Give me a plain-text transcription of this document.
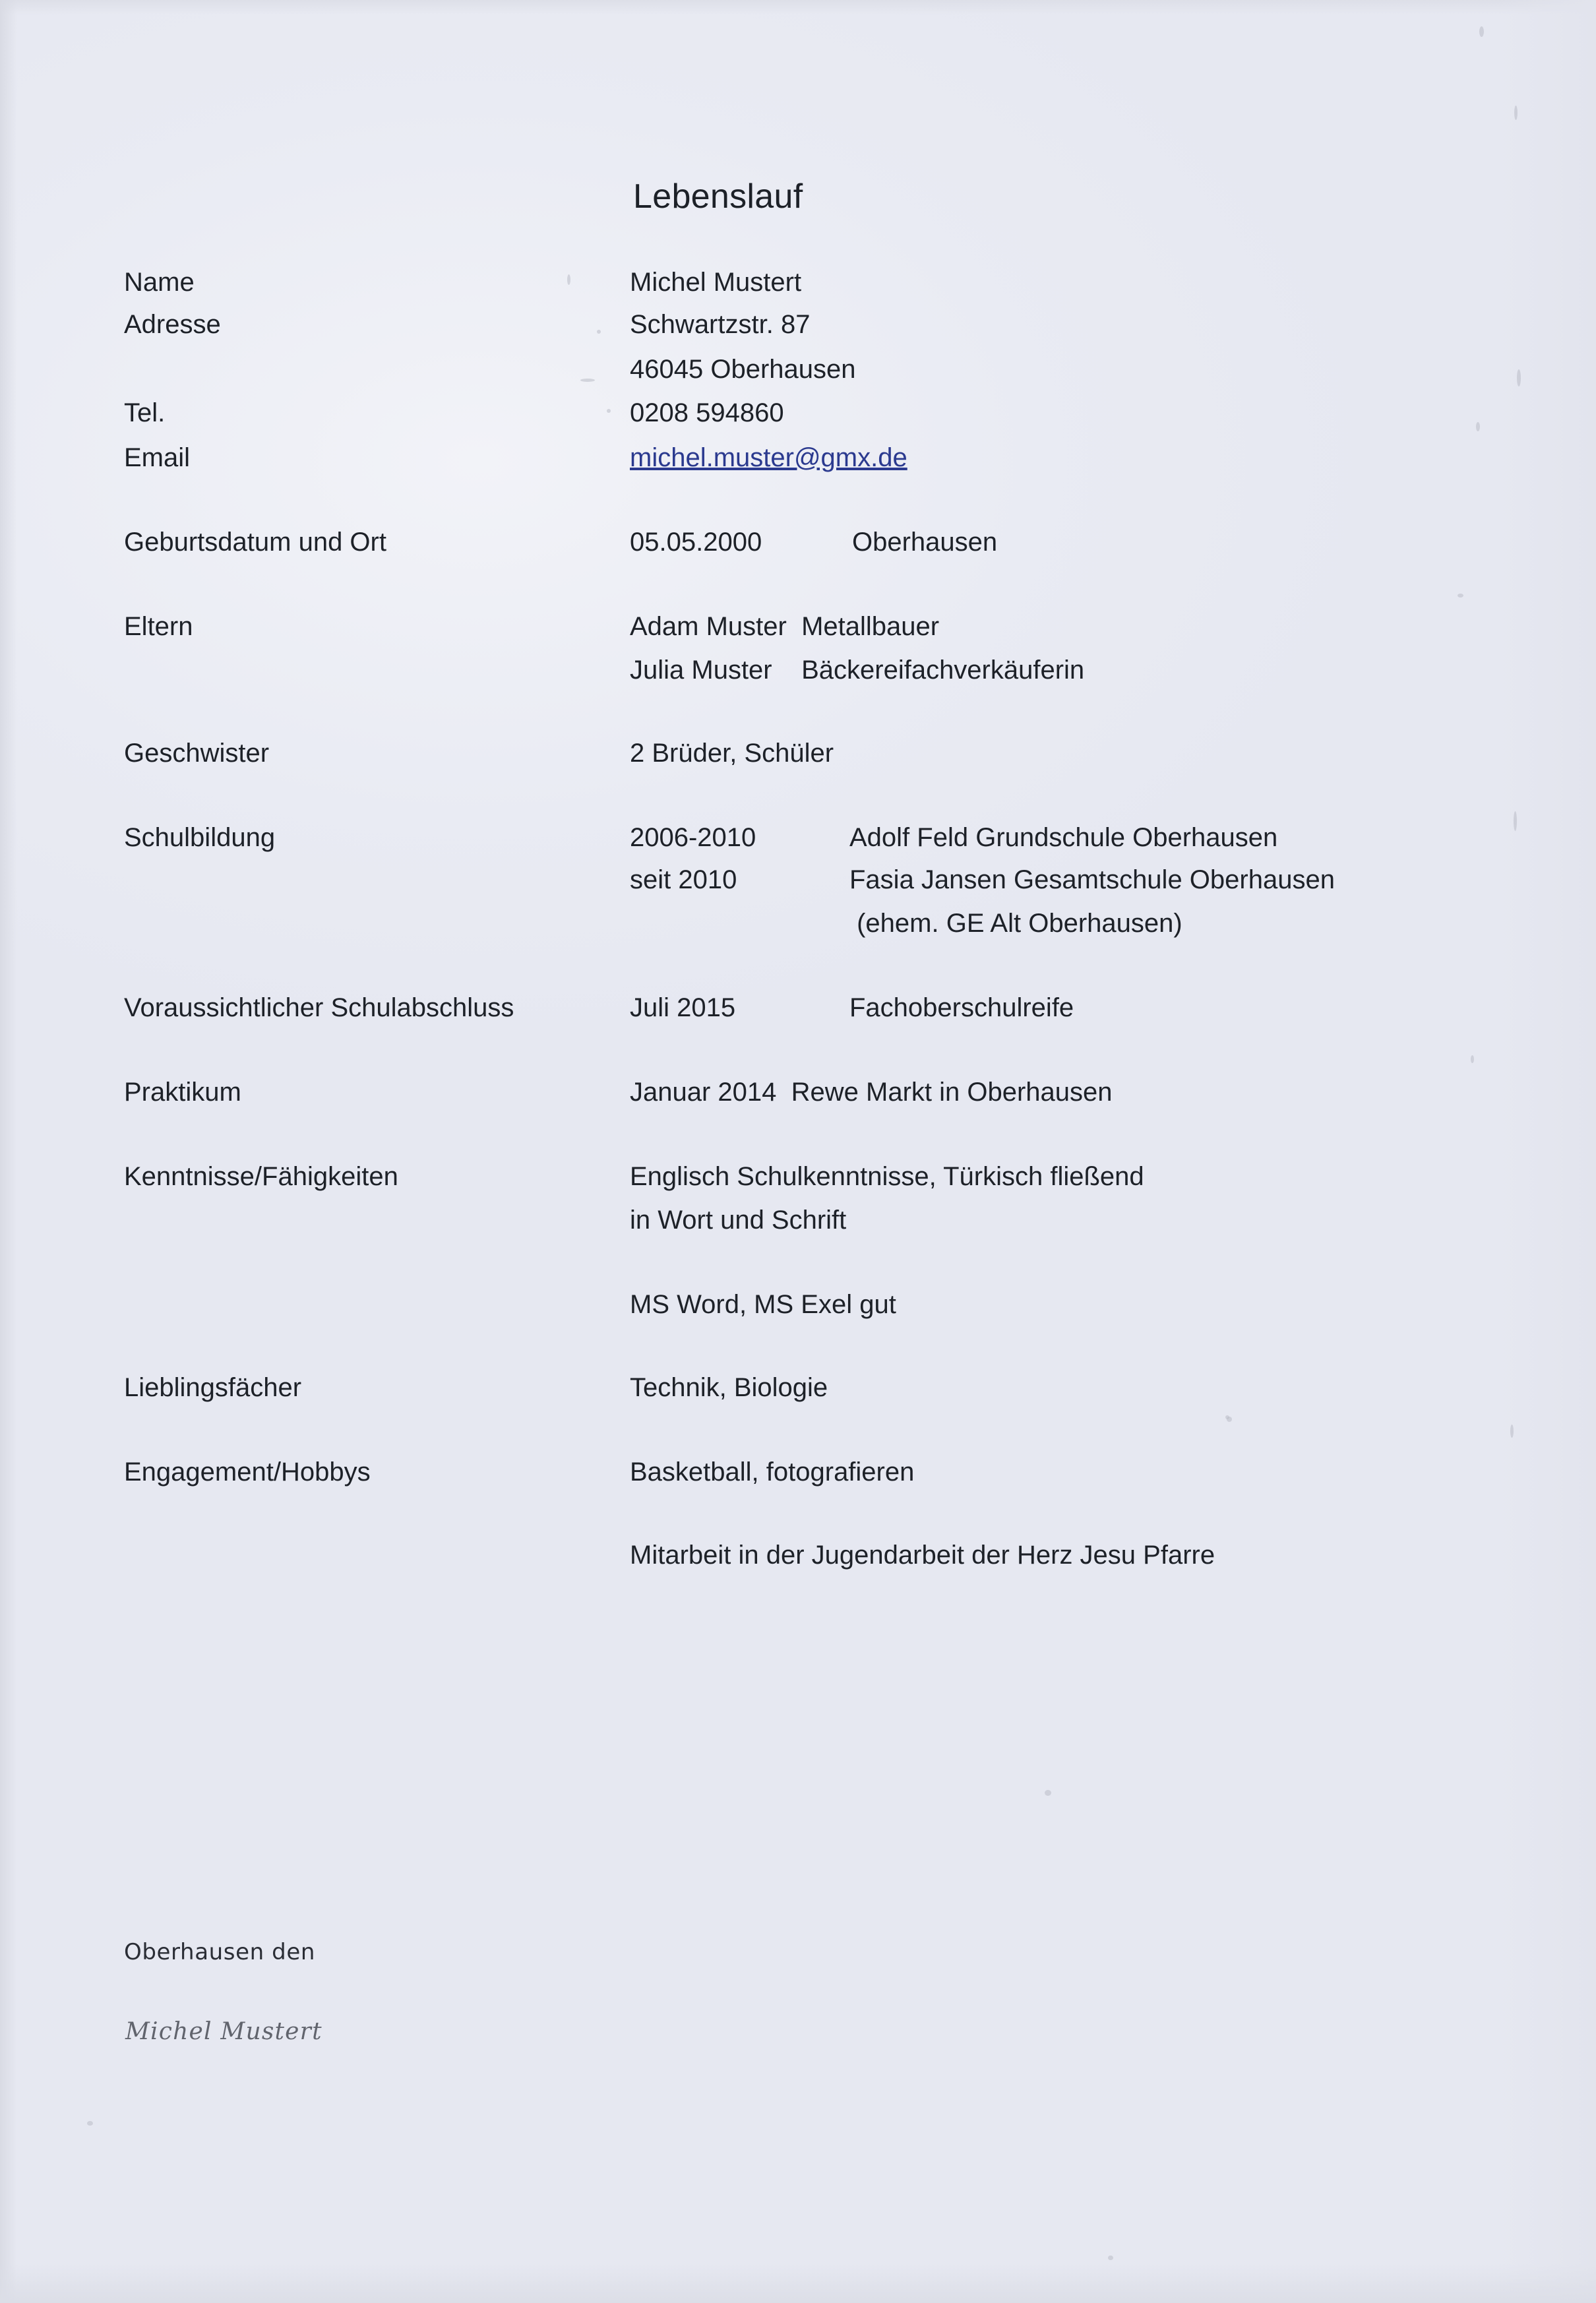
Lebenslauf
Name	Michel Mustert
Adresse	Schwartzstr. 87
46045 Oberhausen
Tel.	0208 594860
Email	michel.muster@gmx.de
Geburtsdatum und Ort	05.05.2000	Oberhausen
Eltern	Adam Muster  Metallbauer
Julia Muster    Bäckereifachverkäuferin
Geschwister	2 Brüder, Schüler
Schulbildung	2006-2010	Adolf Feld Grundschule Oberhausen
seit 2010	Fasia Jansen Gesamtschule Oberhausen
(ehem. GE Alt Oberhausen)
Voraussichtlicher Schulabschluss	Juli 2015	Fachoberschulreife
Praktikum	Januar 2014  Rewe Markt in Oberhausen
Kenntnisse/Fähigkeiten	Englisch Schulkenntnisse, Türkisch fließend
in Wort und Schrift
MS Word, MS Exel gut
Lieblingsfächer	Technik, Biologie
Engagement/Hobbys	Basketball, fotografieren
Mitarbeit in der Jugendarbeit der Herz Jesu Pfarre
Oberhausen den
Michel Mustert
